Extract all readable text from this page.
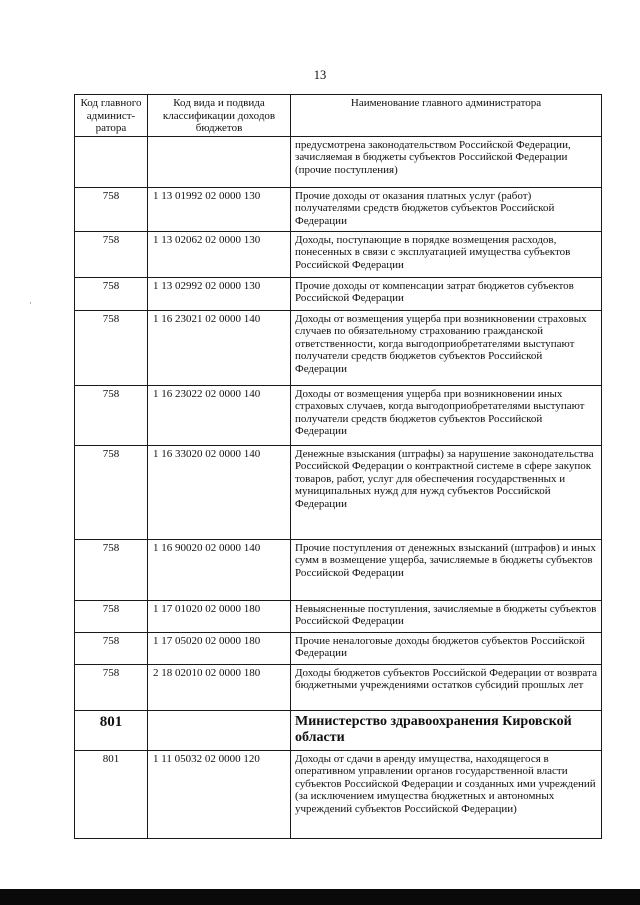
13
·
Код главного админист-ратора	Код вида и подвида классификации доходов бюджетов	Наименование главного администратора
		предусмотрена законодательством Российской Федерации, зачисляемая в бюджеты субъектов Российской Федерации (прочие поступления)
758	1 13 01992 02 0000 130	Прочие доходы от оказания платных услуг (работ) получателями средств бюджетов субъектов Российской Федерации
758	1 13 02062 02 0000 130	Доходы, поступающие в порядке возмещения расходов, понесенных в связи с эксплуатацией имущества субъектов Российской Федерации
758	1 13 02992 02 0000 130	Прочие доходы от компенсации затрат бюджетов субъектов Российской Федерации
758	1 16 23021 02 0000 140	Доходы от возмещения ущерба при возникновении страховых случаев по обязательному страхованию гражданской ответственности, когда выгодоприобретателями выступают получатели средств бюджетов субъектов Российской Федерации
758	1 16 23022 02 0000 140	Доходы от возмещения ущерба при возникновении иных страховых случаев, когда выгодоприобретателями выступают получатели средств бюджетов субъектов Российской Федерации
758	1 16 33020 02 0000 140	Денежные взыскания (штрафы) за нарушение законодательства Российской Федерации о контрактной системе в сфере закупок товаров, работ, услуг для обеспечения государственных и муниципальных нужд для нужд субъектов Российской Федерации
758	1 16 90020 02 0000 140	Прочие поступления от денежных взысканий (штрафов) и иных сумм в возмещение ущерба, зачисляемые в бюджеты субъектов Российской Федерации
758	1 17 01020 02 0000 180	Невыясненные поступления, зачисляемые в бюджеты субъектов Российской Федерации
758	1 17 05020 02 0000 180	Прочие неналоговые доходы бюджетов субъектов Российской Федерации
758	2 18 02010 02 0000 180	Доходы бюджетов субъектов Российской Федерации от возврата бюджетными учреждениями остатков субсидий прошлых лет
801		Министерство здравоохранения Кировской области
801	1 11 05032 02 0000 120	Доходы от сдачи в аренду имущества, находящегося в оперативном управлении органов государственной власти субъектов Российской Федерации и созданных ими учреждений (за исключением имущества бюджетных и автономных учреждений субъектов Российской Федерации)
